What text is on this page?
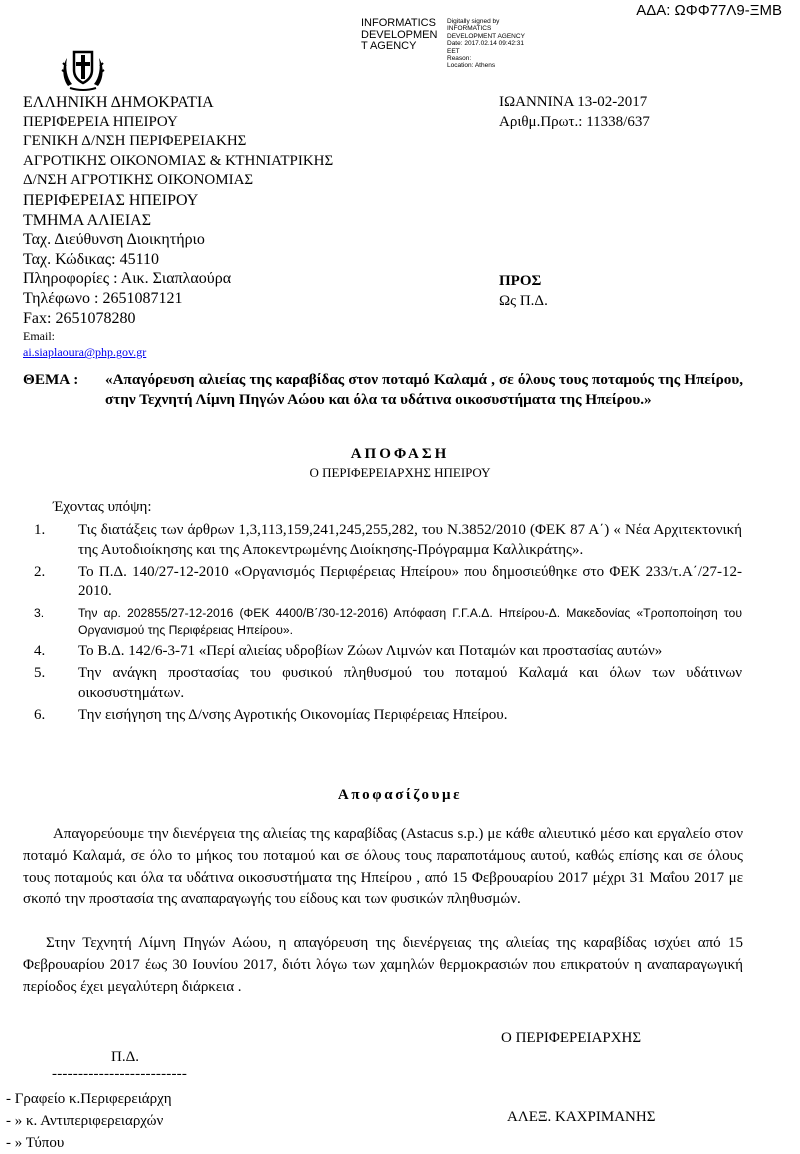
ΑΔΑ: ΩΦΦ77Λ9-ΞΜΒ
INFORMATICS
DEVELOPMEN
T AGENCY
Digitally signed by
INFORMATICS
DEVELOPMENT AGENCY
Date: 2017.02.14 09:42:31
EET
Reason:
Location: Athens
ΕΛΛΗΝΙΚΗ ΔΗΜΟΚΡΑΤΙΑ
ΠΕΡΙΦΕΡΕΙΑ ΗΠΕΙΡΟΥ
ΓΕΝΙΚΗ Δ/ΝΣΗ ΠΕΡΙΦΕΡΕΙΑΚΗΣ
ΑΓΡΟΤΙΚΗΣ ΟΙΚΟΝΟΜΙΑΣ & ΚΤΗΝΙΑΤΡΙΚΗΣ
Δ/ΝΣΗ ΑΓΡΟΤΙΚΗΣ ΟΙΚΟΝΟΜΙΑΣ
ΠΕΡΙΦΕΡΕΙΑΣ ΗΠΕΙΡΟΥ
ΤΜΗΜΑ ΑΛΙΕΙΑΣ
Ταχ. Διεύθυνση Διοικητήριο
Ταχ. Κώδικας: 45110
Πληροφορίες : Αικ. Σιαπλαούρα
Τηλέφωνο : 2651087121
Fax: 2651078280
Email:
ai.siaplaoura@php.gov.gr
ΙΩΑΝΝΙΝΑ 13-02-2017
Αριθμ.Πρωτ.: 11338/637
ΠΡΟΣ
Ως Π.Δ.
ΘΕΜΑ : «Απαγόρευση αλιείας της καραβίδας στον ποταμό Καλαμά , σε όλους τους ποταμούς της Ηπείρου, στην Τεχνητή Λίμνη Πηγών Αώου και όλα τα υδάτινα οικοσυστήματα της Ηπείρου.»
ΑΠΟΦΑΣΗ
Ο ΠΕΡΙΦΕΡΕΙΑΡΧΗΣ ΗΠΕΙΡΟΥ
Έχοντας υπόψη:
1. Τις διατάξεις των άρθρων 1,3,113,159,241,245,255,282, του Ν.3852/2010 (ΦΕΚ 87 Α΄) « Νέα Αρχιτεκτονική της Αυτοδιοίκησης και της Αποκεντρωμένης Διοίκησης-Πρόγραμμα Καλλικράτης».
2. Το Π.Δ. 140/27-12-2010 «Οργανισμός Περιφέρειας Ηπείρου» που δημοσιεύθηκε στο ΦΕΚ 233/τ.Α΄/27-12-2010.
3.	Την αρ. 202855/27-12-2016 (ΦΕΚ 4400/Β΄/30-12-2016) Απόφαση Γ.Γ.Α.Δ. Ηπείρου-Δ. Μακεδονίας «Τροποποίηση του Οργανισμού της Περιφέρειας Ηπείρου».
4. Το Β.Δ. 142/6-3-71 «Περί αλιείας υδροβίων Ζώων Λιμνών και Ποταμών και προστασίας αυτών»
5. Την ανάγκη προστασίας του φυσικού πληθυσμού του ποταμού Καλαμά και όλων των υδάτινων οικοσυστημάτων.
6. Την εισήγηση της Δ/νσης Αγροτικής Οικονομίας Περιφέρειας Ηπείρου.
Αποφασίζουμε
Απαγορεύουμε την διενέργεια της αλιείας της καραβίδας (Astacus s.p.) με κάθε αλιευτικό μέσο και εργαλείο στον ποταμό Καλαμά, σε όλο το μήκος του ποταμού και σε όλους τους παραποτάμους αυτού, καθώς επίσης και σε όλους τους ποταμούς και όλα τα υδάτινα οικοσυστήματα της Ηπείρου , από 15 Φεβρουαρίου 2017 μέχρι 31 Μαΐου 2017 με σκοπό την προστασία της αναπαραγωγής του είδους και των φυσικών πληθυσμών.
Στην Τεχνητή Λίμνη Πηγών Αώου, η απαγόρευση της διενέργειας της αλιείας της καραβίδας ισχύει από 15 Φεβρουαρίου 2017 έως 30 Ιουνίου 2017, διότι λόγω των χαμηλών θερμοκρασιών που επικρατούν η αναπαραγωγική περίοδος έχει μεγαλύτερη διάρκεια .
Ο ΠΕΡΙΦΕΡΕΙΑΡΧΗΣ
Π.Δ.
--------------------------
- Γραφείο κ.Περιφερειάρχη
- » κ. Αντιπεριφερειαρχών
- » Τύπου
ΑΛΕΞ. ΚΑΧΡΙΜΑΝΗΣ
